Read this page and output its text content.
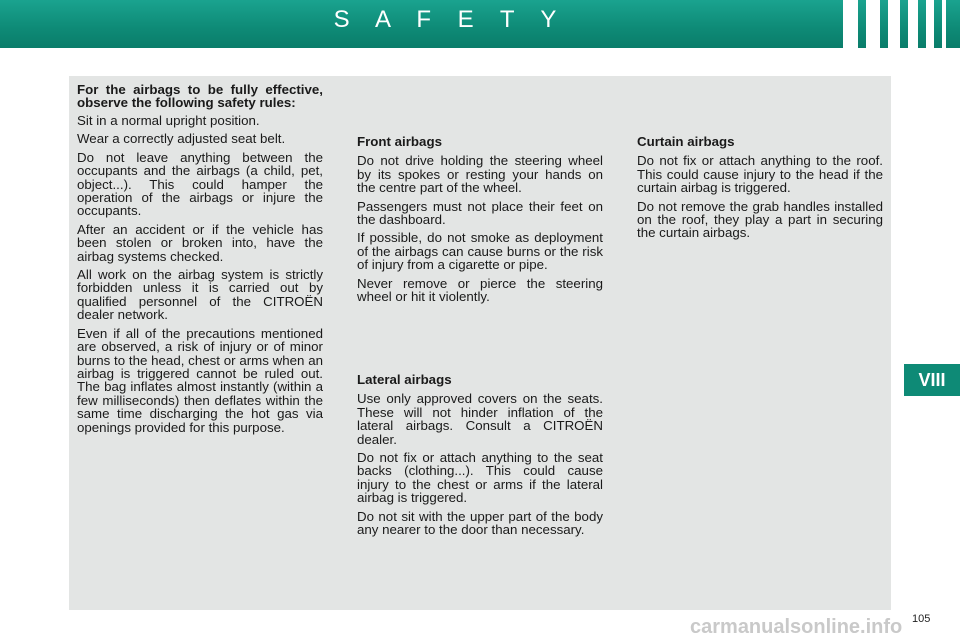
S A F E T Y

For the airbags to be fully effective, observe the following safety rules:

Sit in a normal upright position.

Wear a correctly adjusted seat belt.

Do not leave anything between the occupants and the airbags (a child, pet, object...). This could hamper the operation of the airbags or injure the occupants.

After an accident or if the vehicle has been stolen or broken into, have the airbag systems checked.

All work on the airbag system is strictly forbidden unless it is carried out by qualified personnel of the CITROËN dealer network.

Even if all of the precautions mentioned are observed, a risk of injury or of minor burns to the head, chest or arms when an airbag is triggered cannot be ruled out. The bag inflates almost instantly (within a few milliseconds) then deflates within the same time discharging the hot gas via openings provided for this purpose.

Front airbags

Do not drive holding the steering wheel by its spokes or resting your hands on the centre part of the wheel.

Passengers must not place their feet on the dashboard.

If possible, do not smoke as deployment of the airbags can cause burns or the risk of injury from a cigarette or pipe.

Never remove or pierce the steering wheel or hit it violently.

Lateral airbags

Use only approved covers on the seats. These will not hinder inflation of the lateral airbags. Consult a CITROËN dealer.

Do not fix or attach anything to the seat backs (clothing...). This could cause injury to the chest or arms if the lateral airbag is triggered.

Do not sit with the upper part of the body any nearer to the door than necessary.

Curtain airbags

Do not fix or attach anything to the roof. This could cause injury to the head if the curtain airbag is triggered.

Do not remove the grab handles installed on the roof, they play a part in securing the curtain airbags.

VIII
carmanualsonline.info 105
